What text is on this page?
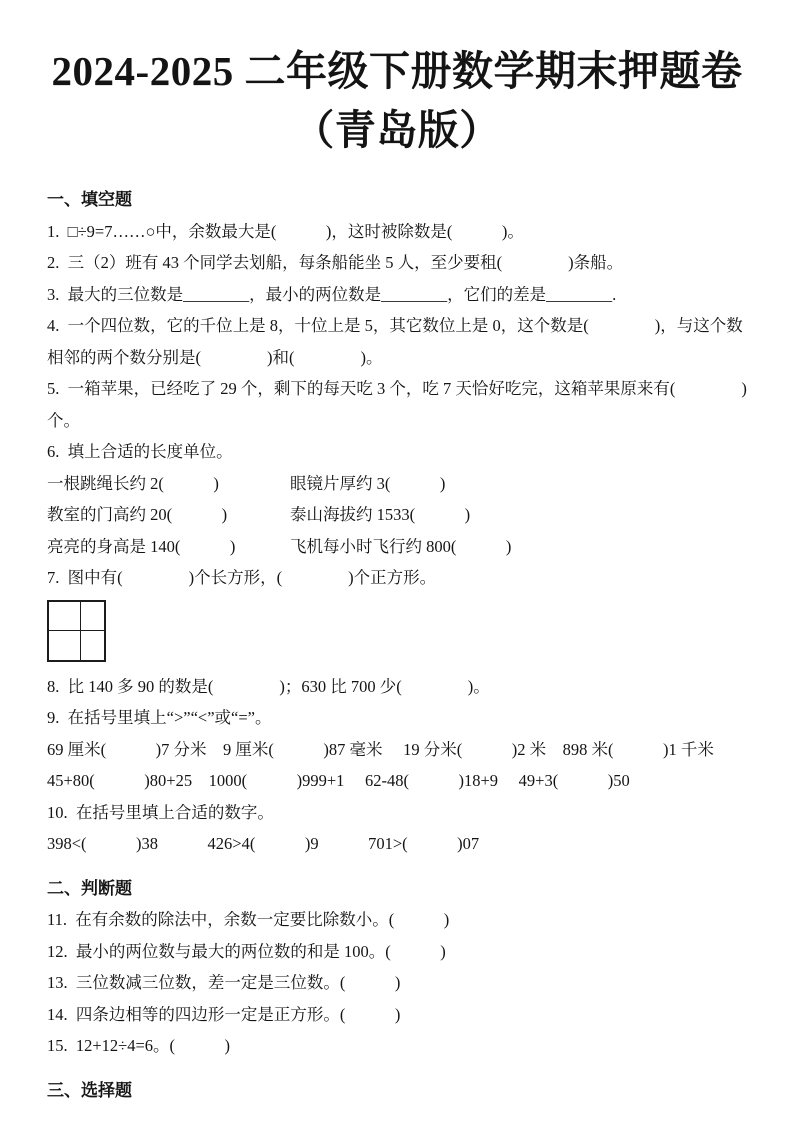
2024-2025 二年级下册数学期末押题卷
（青岛版）
一、填空题

1.  □÷9=7……○中，余数最大是(　　　)，这时被除数是(　　　)。

2.  三（2）班有 43 个同学去划船，每条船能坐 5 人，至少要租(　　　　)条船。

3.  最大的三位数是________，最小的两位数是________，它们的差是________.

4.  一个四位数，它的千位上是 8，十位上是 5，其它数位上是 0，这个数是(　　　　)，与这个数相邻的两个数分别是(　　　　)和(　　　　)。

5.  一箱苹果，已经吃了 29 个，剩下的每天吃 3 个，吃 7 天恰好吃完，这箱苹果原来有(　　　　)个。

6.  填上合适的长度单位。

一根跳绳长约 2(　　　)	眼镜片厚约 3(　　　)
教室的门高约 20(　　　)	泰山海拔约 1533(　　　)
亮亮的身高是 140(　　　)	飞机每小时飞行约 800(　　　)

7.  图中有(　　　　)个长方形，(　　　　)个正方形。

8.  比 140 多 90 的数是(　　　　)；630 比 700 少(　　　　)。

9.  在括号里填上“>”“<”或“=”。

69 厘米(　　　)7 分米　9 厘米(　　　)87 毫米　 19 分米(　　　)2 米　898 米(　　　)1 千米

45+80(　　　)80+25　1000(　　　)999+1　 62-48(　　　)18+9　 49+3(　　　)50

10.  在括号里填上合适的数字。

398<(　　　)38　　　426>4(　　　)9　　　701>(　　　)07

二、判断题

11.  在有余数的除法中，余数一定要比除数小。(　　　)

12.  最小的两位数与最大的两位数的和是 100。(　　　)

13.  三位数减三位数，差一定是三位数。(　　　)

14.  四条边相等的四边形一定是正方形。(　　　)

15.  12+12÷4=6。(　　　)

三、选择题
